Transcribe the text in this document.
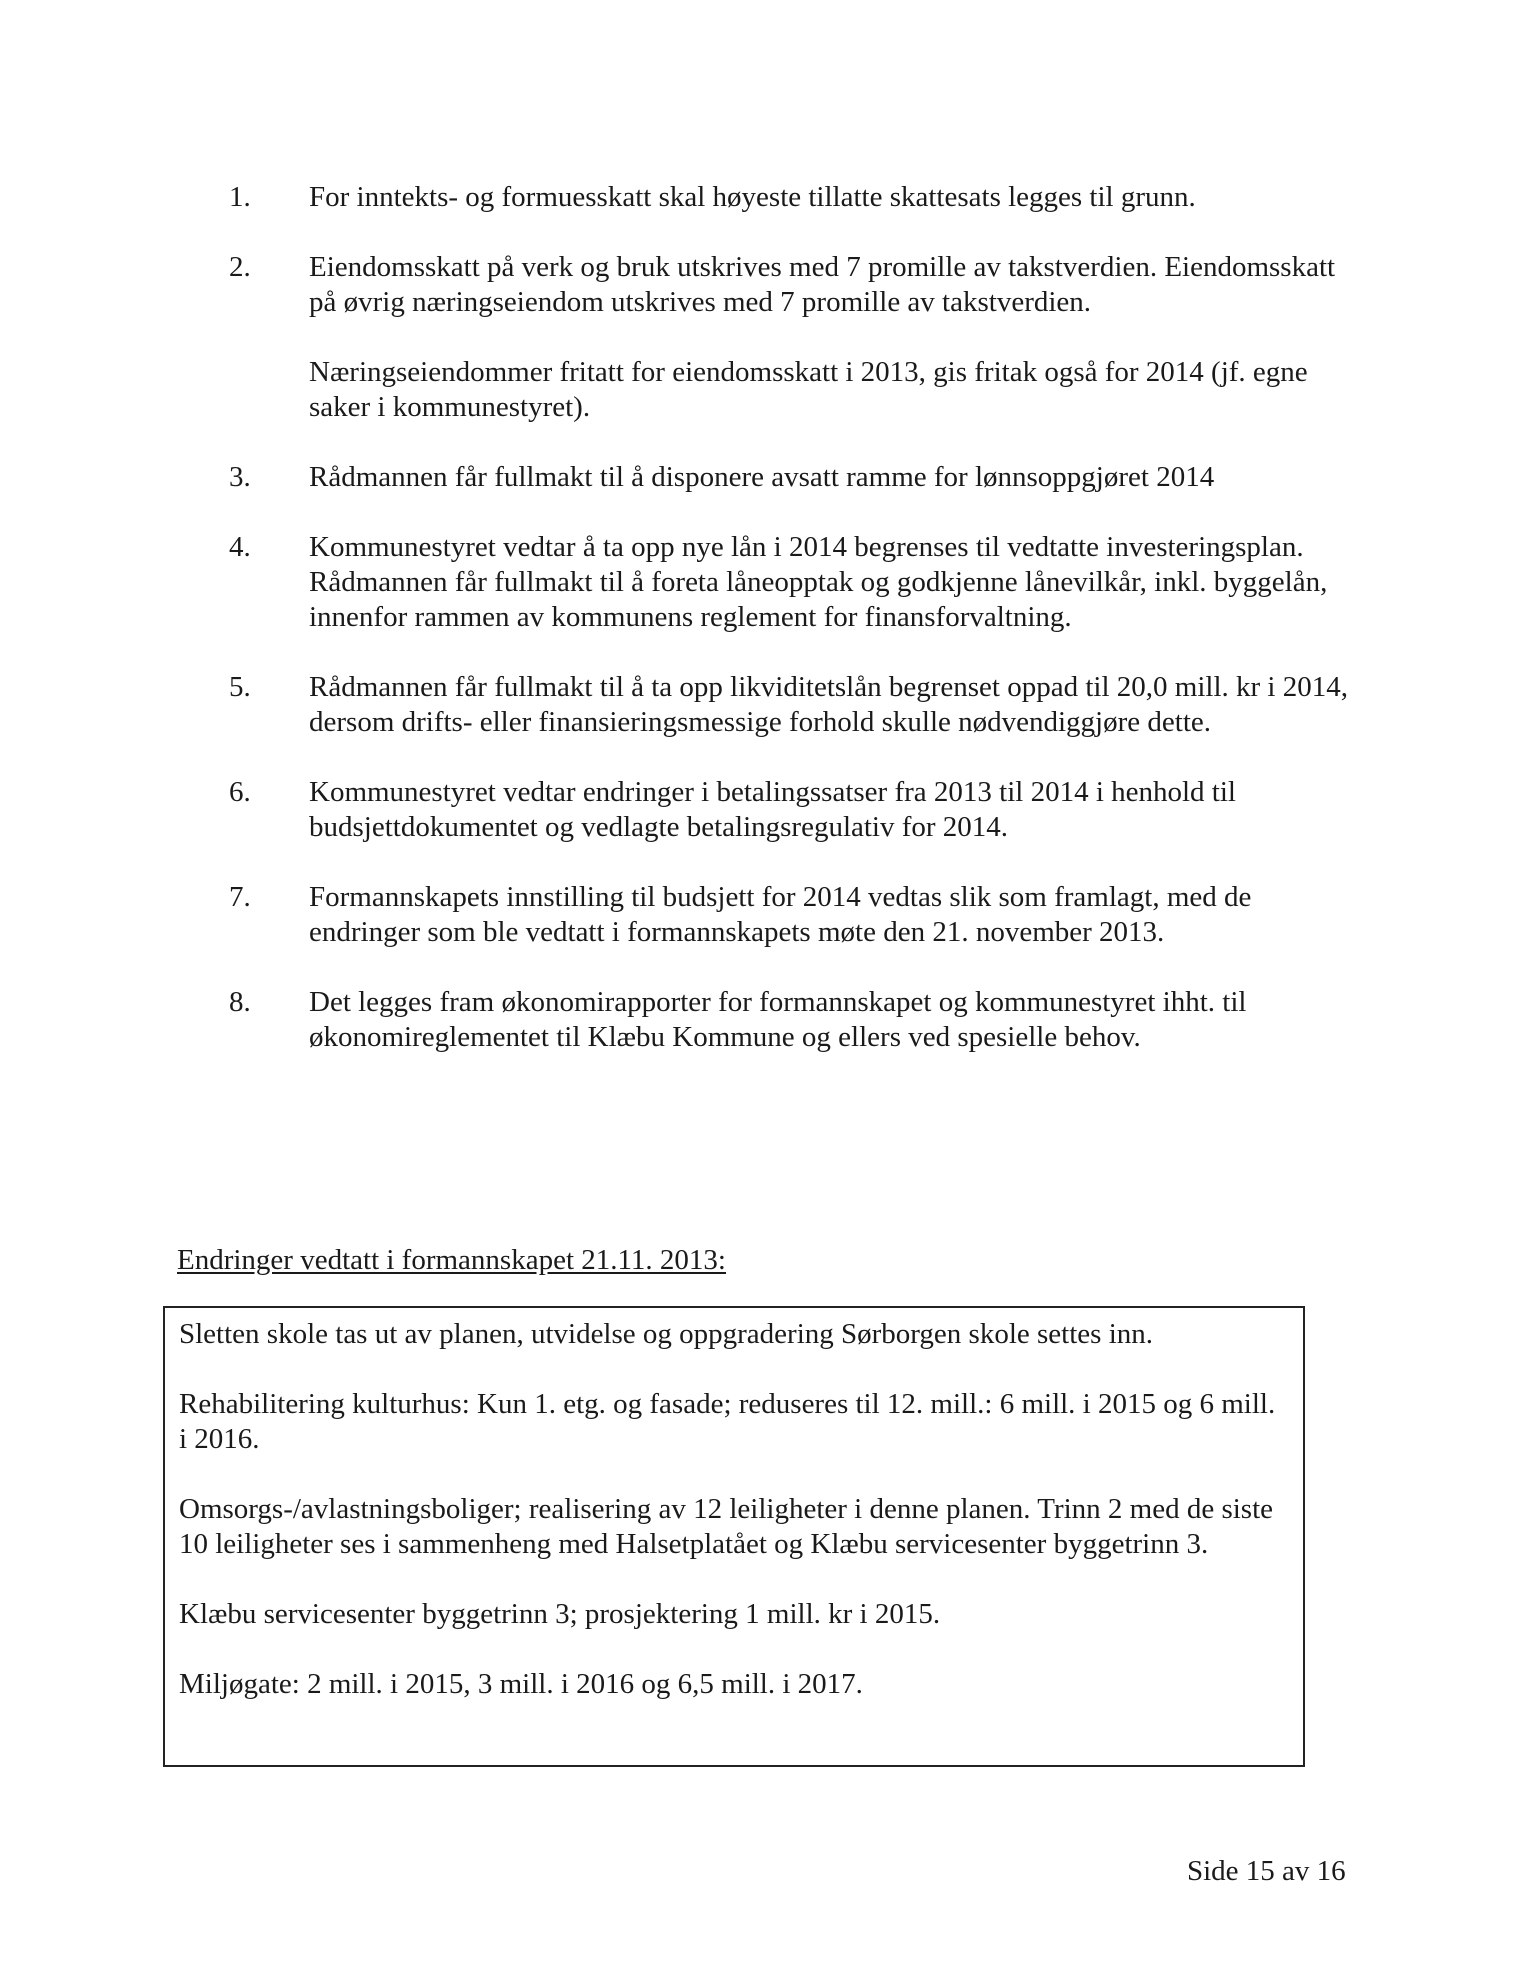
1. For inntekts- og formuesskatt skal høyeste tillatte skattesats legges til grunn.

2. Eiendomsskatt på verk og bruk utskrives med 7 promille av takstverdien. Eiendomsskatt på øvrig næringseiendom utskrives med 7 promille av takstverdien.

Næringseiendommer fritatt for eiendomsskatt i 2013, gis fritak også for 2014 (jf. egne saker i kommunestyret).

3. Rådmannen får fullmakt til å disponere avsatt ramme for lønnsoppgjøret 2014

4. Kommunestyret vedtar å ta opp nye lån i 2014 begrenses til vedtatte investeringsplan. Rådmannen får fullmakt til å foreta låneopptak og godkjenne lånevilkår, inkl. byggelån, innenfor rammen av kommunens reglement for finansforvaltning.

5. Rådmannen får fullmakt til å ta opp likviditetslån begrenset oppad til 20,0 mill. kr i 2014, dersom drifts- eller finansieringsmessige forhold skulle nødvendiggjøre dette.

6. Kommunestyret vedtar endringer i betalingssatser fra 2013 til 2014 i henhold til budsjettdokumentet og vedlagte betalingsregulativ for 2014.

7. Formannskapets innstilling til budsjett for 2014 vedtas slik som framlagt, med de endringer som ble vedtatt i formannskapets møte den 21. november 2013.

8. Det legges fram økonomirapporter for formannskapet og kommunestyret ihht. til økonomireglementet til Klæbu Kommune og ellers ved spesielle behov.

Endringer vedtatt i formannskapet 21.11. 2013:

Sletten skole tas ut av planen, utvidelse og oppgradering Sørborgen skole settes inn.

Rehabilitering kulturhus: Kun 1. etg. og fasade; reduseres til 12. mill.: 6 mill. i 2015 og 6 mill. i 2016.

Omsorgs-/avlastningsboliger; realisering av 12 leiligheter i denne planen. Trinn 2 med de siste 10 leiligheter ses i sammenheng med Halsetplatået og Klæbu servicesenter byggetrinn 3.

Klæbu servicesenter byggetrinn 3; prosjektering 1 mill. kr i 2015.

Miljøgate: 2 mill. i 2015, 3 mill. i 2016 og 6,5 mill. i 2017.

Side 15 av 16
